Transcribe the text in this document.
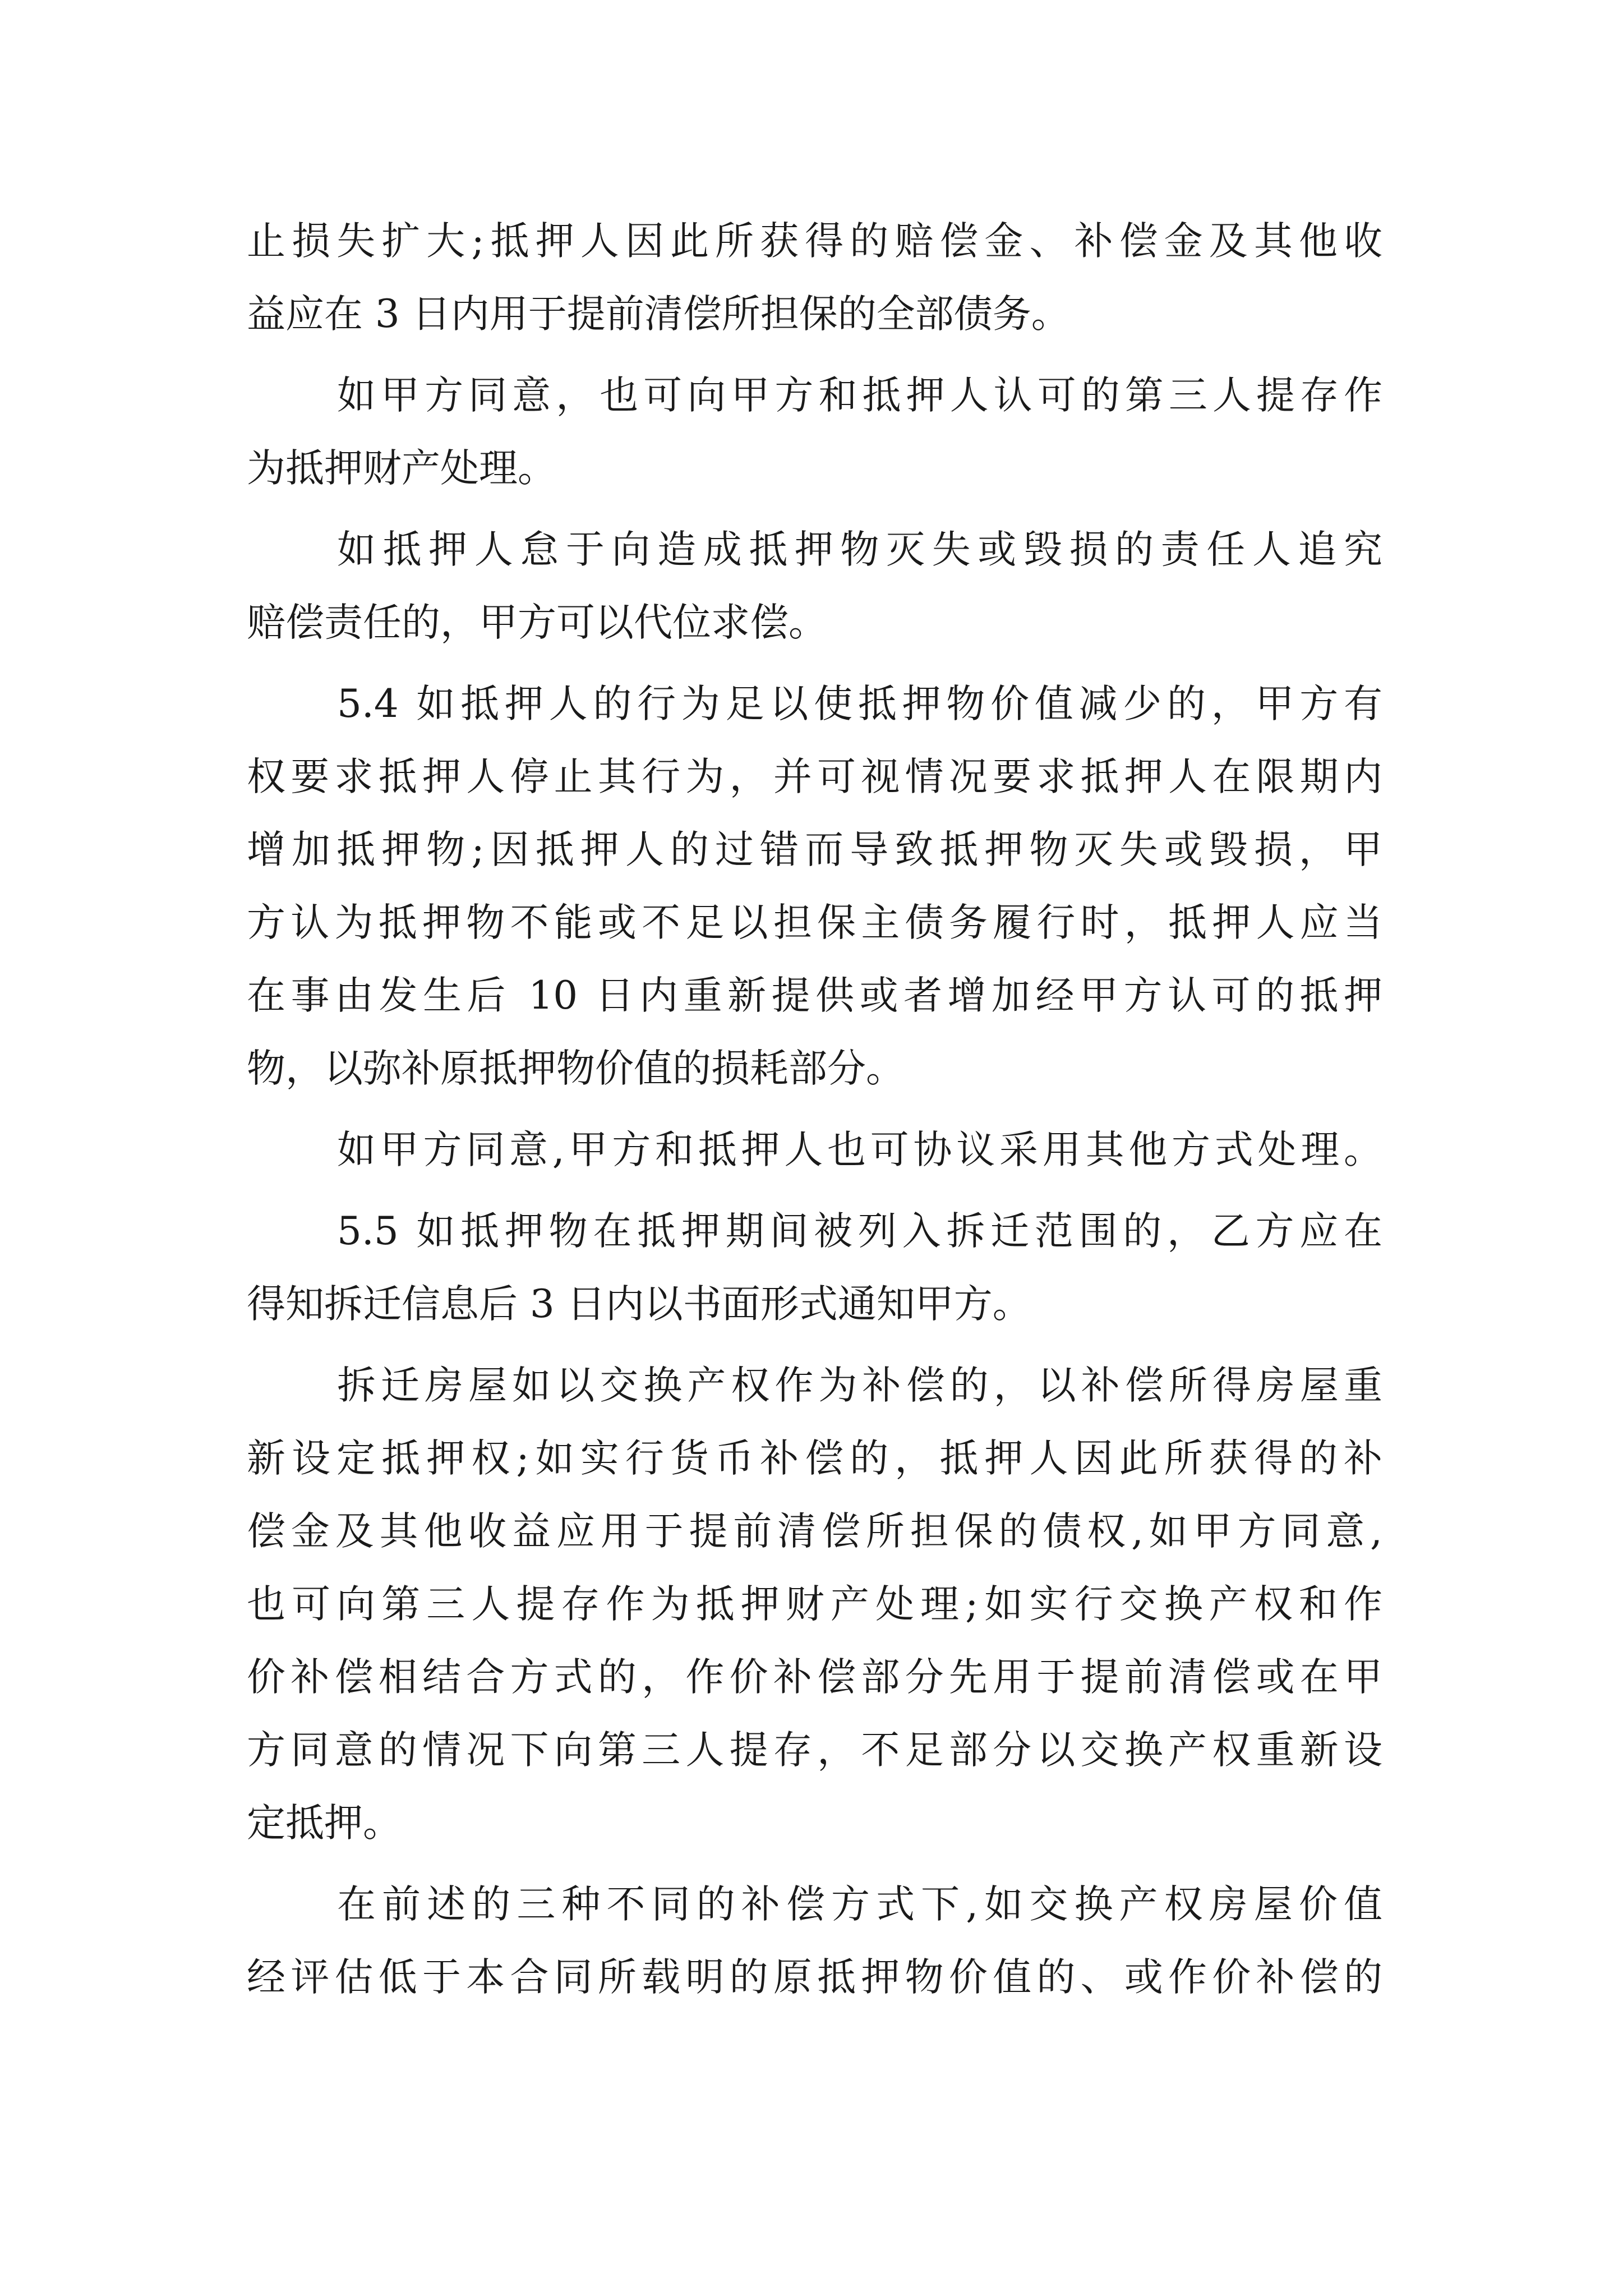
止损失扩大;抵押人因此所获得的赔偿金、补偿金及其他收
益应在 3 日内用于提前清偿所担保的全部债务。
如甲方同意，也可向甲方和抵押人认可的第三人提存作
为抵押财产处理。
如抵押人怠于向造成抵押物灭失或毁损的责任人追究
赔偿责任的，甲方可以代位求偿。
5.4 如抵押人的行为足以使抵押物价值减少的，甲方有
权要求抵押人停止其行为，并可视情况要求抵押人在限期内
增加抵押物;因抵押人的过错而导致抵押物灭失或毁损，甲
方认为抵押物不能或不足以担保主债务履行时，抵押人应当
在事由发生后 10 日内重新提供或者增加经甲方认可的抵押
物，以弥补原抵押物价值的损耗部分。
如甲方同意,甲方和抵押人也可协议采用其他方式处理。
5.5 如抵押物在抵押期间被列入拆迁范围的，乙方应在
得知拆迁信息后 3 日内以书面形式通知甲方。
拆迁房屋如以交换产权作为补偿的，以补偿所得房屋重
新设定抵押权;如实行货币补偿的，抵押人因此所获得的补
偿金及其他收益应用于提前清偿所担保的债权,如甲方同意,
也可向第三人提存作为抵押财产处理;如实行交换产权和作
价补偿相结合方式的，作价补偿部分先用于提前清偿或在甲
方同意的情况下向第三人提存，不足部分以交换产权重新设
定抵押。
在前述的三种不同的补偿方式下,如交换产权房屋价值
经评估低于本合同所载明的原抵押物价值的、或作价补偿的
